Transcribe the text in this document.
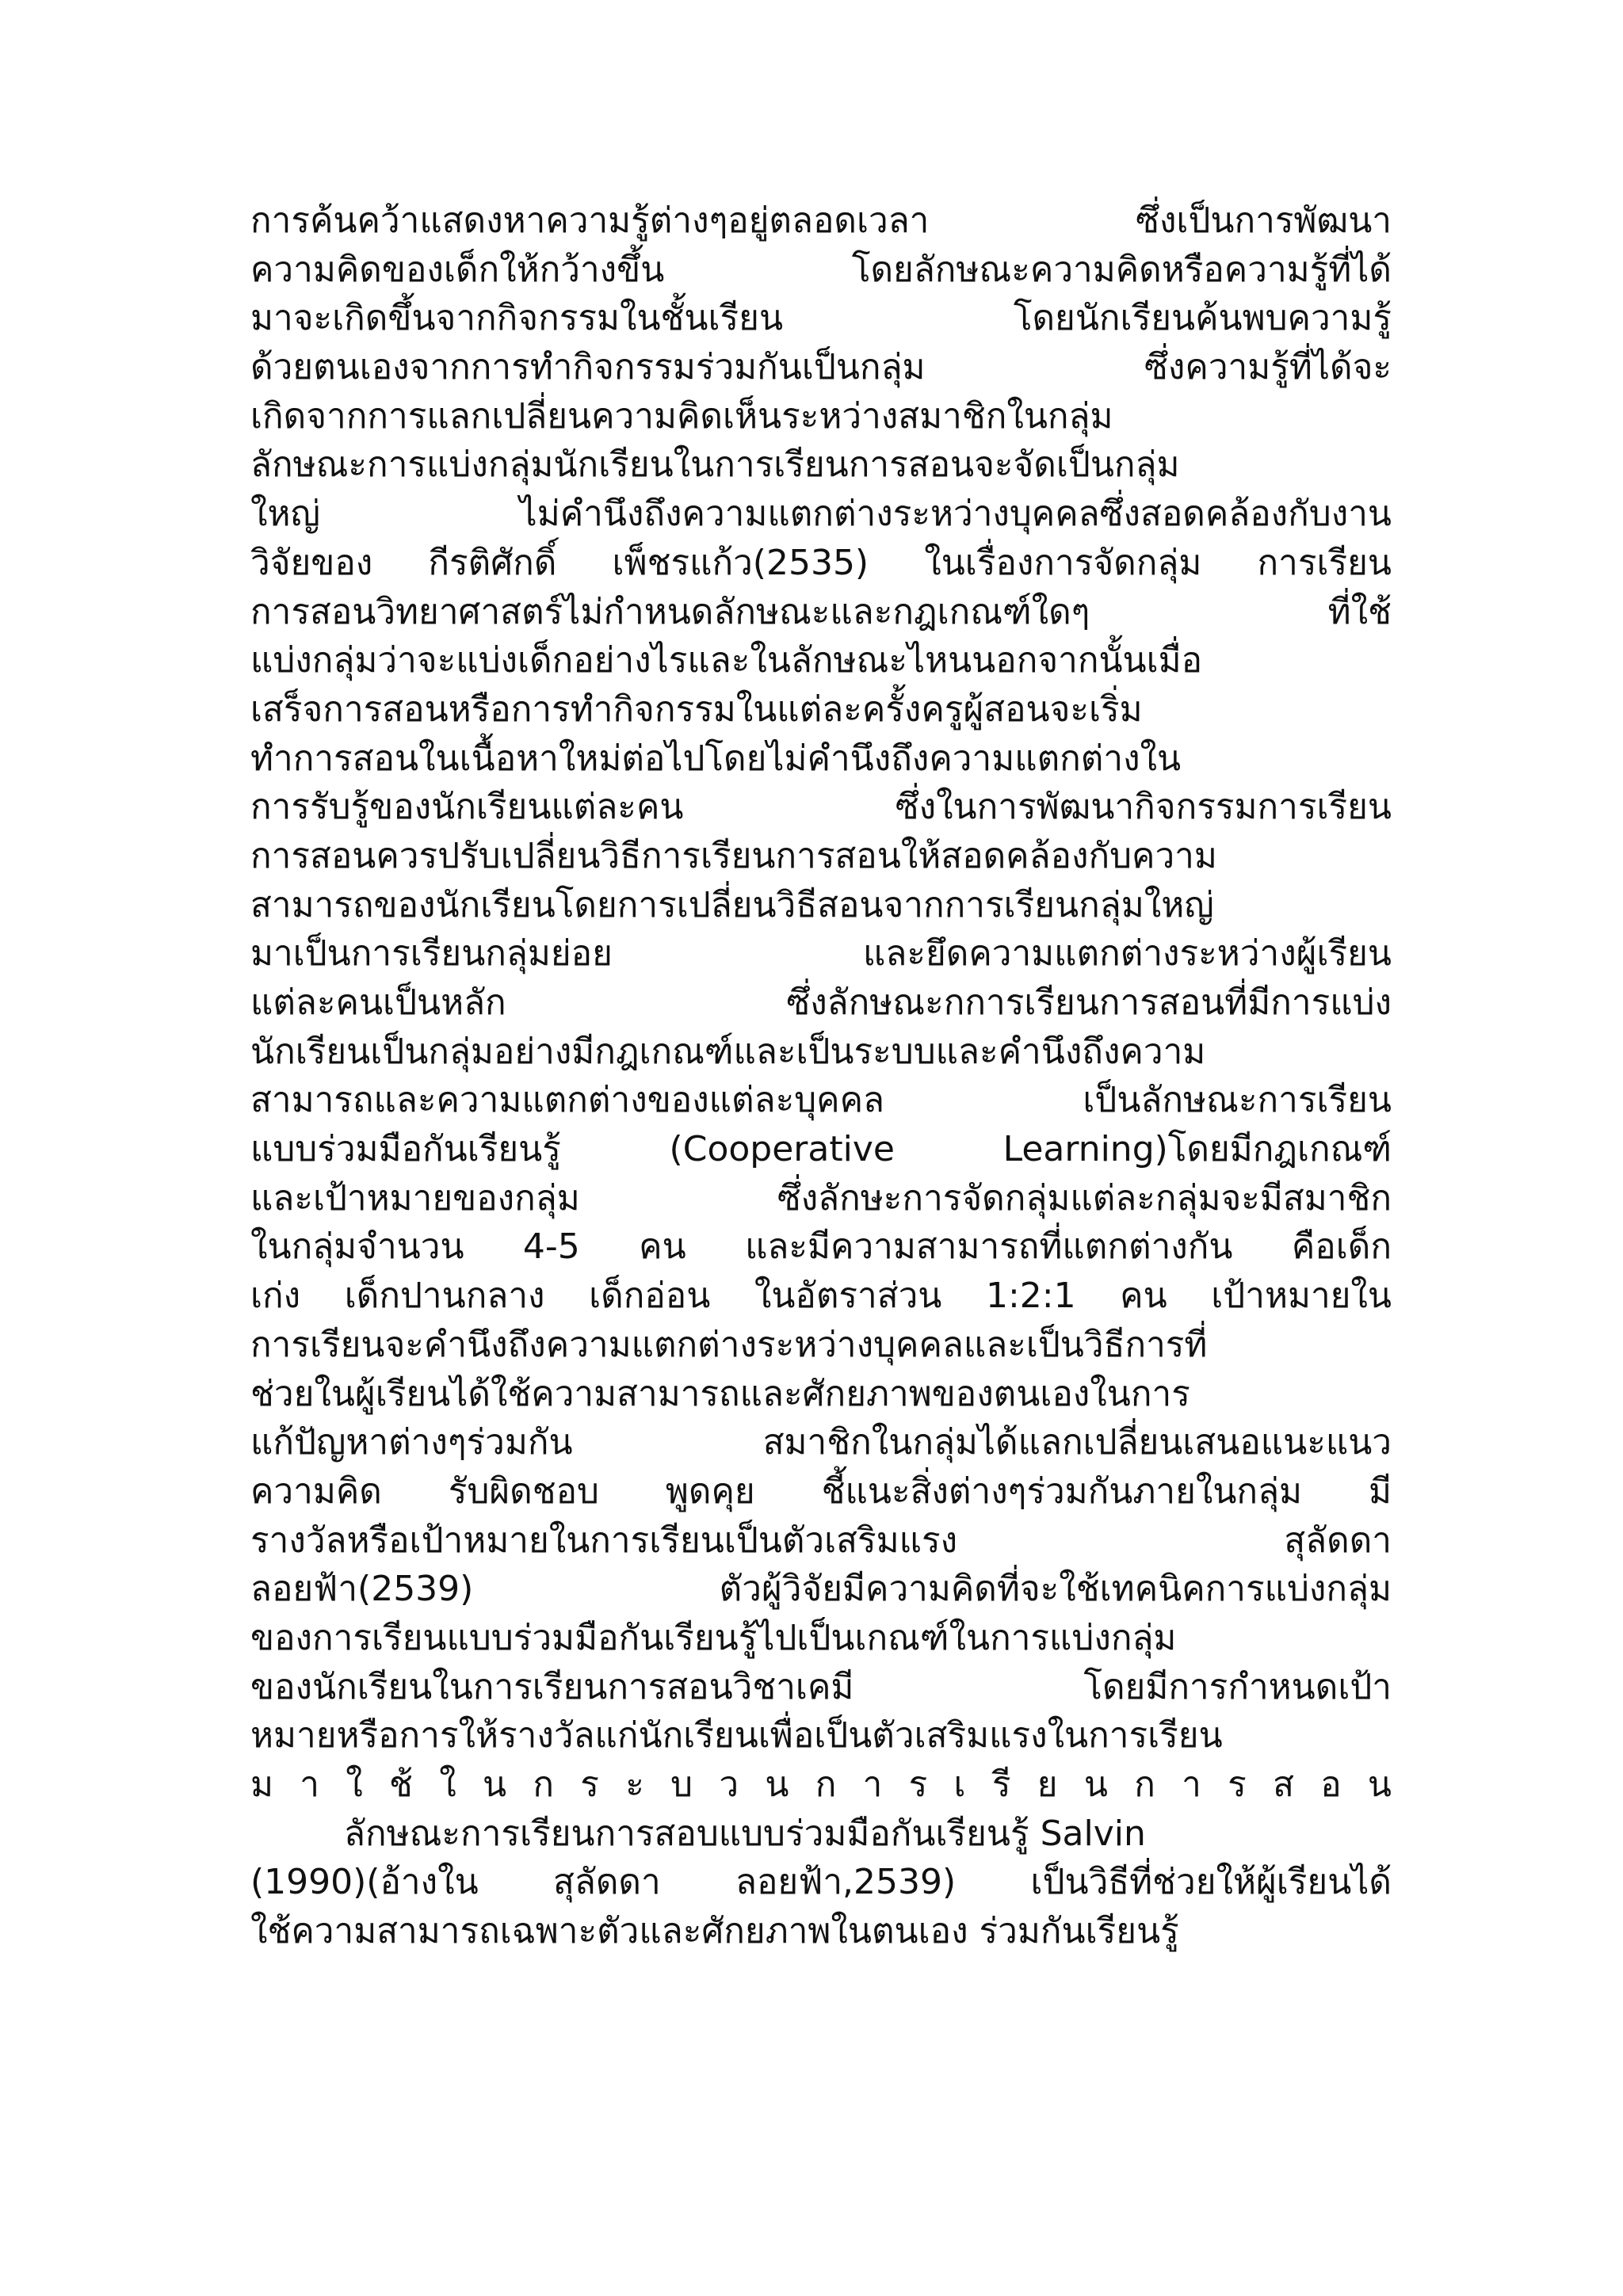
การค้นคว้าแสดงหาความรู้ต่างๆอยู่ตลอดเวลา ซึ่งเป็นการพัฒนา
ความคิดของเด็กให้กว้างขึ้น โดยลักษณะความคิดหรือความรู้ที่ได้
มาจะเกิดขึ้นจากกิจกรรมในชั้นเรียน โดยนักเรียนค้นพบความรู้
ด้วยตนเองจากการทำกิจกรรมร่วมกันเป็นกลุ่ม ซึ่งความรู้ที่ได้จะ
เกิดจากการแลกเปลี่ยนความคิดเห็นระหว่างสมาชิกในกลุ่ม
ลักษณะการแบ่งกลุ่มนักเรียนในการเรียนการสอนจะจัดเป็นกลุ่ม
ใหญ่ ไม่คำนึงถึงความแตกต่างระหว่างบุคคลซึ่งสอดคล้องกับงาน
วิจัยของ กีรติศักดิ์ เพ็ชรแก้ว(2535) ในเรื่องการจัดกลุ่ม การเรียน
การสอนวิทยาศาสตร์ไม่กำหนดลักษณะและกฎเกณฑ์ใดๆ ที่ใช้
แบ่งกลุ่มว่าจะแบ่งเด็กอย่างไรและในลักษณะไหนนอกจากนั้นเมื่อ
เสร็จการสอนหรือการทำกิจกรรมในแต่ละครั้งครูผู้สอนจะเริ่ม
ทำการสอนในเนื้อหาใหม่ต่อไปโดยไม่คำนึงถึงความแตกต่างใน
การรับรู้ของนักเรียนแต่ละคน ซึ่งในการพัฒนากิจกรรมการเรียน
การสอนควรปรับเปลี่ยนวิธีการเรียนการสอนให้สอดคล้องกับความ
สามารถของนักเรียนโดยการเปลี่ยนวิธีสอนจากการเรียนกลุ่มใหญ่
มาเป็นการเรียนกลุ่มย่อย และยึดความแตกต่างระหว่างผู้เรียน
แต่ละคนเป็นหลัก ซึ่งลักษณะกการเรียนการสอนที่มีการแบ่ง
นักเรียนเป็นกลุ่มอย่างมีกฎเกณฑ์และเป็นระบบและคำนึงถึงความ
สามารถและความแตกต่างของแต่ละบุคคล เป็นลักษณะการเรียน
แบบร่วมมือกันเรียนรู้ (Cooperative Learning)โดยมีกฎเกณฑ์
และเป้าหมายของกลุ่ม ซึ่งลักษะการจัดกลุ่มแต่ละกลุ่มจะมีสมาชิก
ในกลุ่มจำนวน 4-5 คน และมีความสามารถที่แตกต่างกัน คือเด็ก
เก่ง เด็กปานกลาง เด็กอ่อน ในอัตราส่วน 1:2:1 คน เป้าหมายใน
การเรียนจะคำนึงถึงความแตกต่างระหว่างบุคคลและเป็นวิธีการที่
ช่วยในผู้เรียนได้ใช้ความสามารถและศักยภาพของตนเองในการ
แก้ปัญหาต่างๆร่วมกัน สมาชิกในกลุ่มได้แลกเปลี่ยนเสนอแนะแนว
ความคิด รับผิดชอบ พูดคุย ชี้แนะสิ่งต่างๆร่วมกันภายในกลุ่ม มี
รางวัลหรือเป้าหมายในการเรียนเป็นตัวเสริมแรง สุลัดดา
ลอยฟ้า(2539) ตัวผู้วิจัยมีความคิดที่จะใช้เทคนิคการแบ่งกลุ่ม
ของการเรียนแบบร่วมมือกันเรียนรู้ไปเป็นเกณฑ์ในการแบ่งกลุ่ม
ของนักเรียนในการเรียนการสอนวิชาเคมี โดยมีการกำหนดเป้า
หมายหรือการให้รางวัลแก่นักเรียนเพื่อเป็นตัวเสริมแรงในการเรียน
ม า ใ ช้ ใ น ก ร ะ บ ว น ก า ร เ รี ย น ก า ร ส อ น
ลักษณะการเรียนการสอบแบบร่วมมือกันเรียนรู้ Salvin
(1990)(อ้างใน สุลัดดา ลอยฟ้า,2539) เป็นวิธีที่ช่วยให้ผู้เรียนได้
ใช้ความสามารถเฉพาะตัวและศักยภาพในตนเอง ร่วมกันเรียนรู้
